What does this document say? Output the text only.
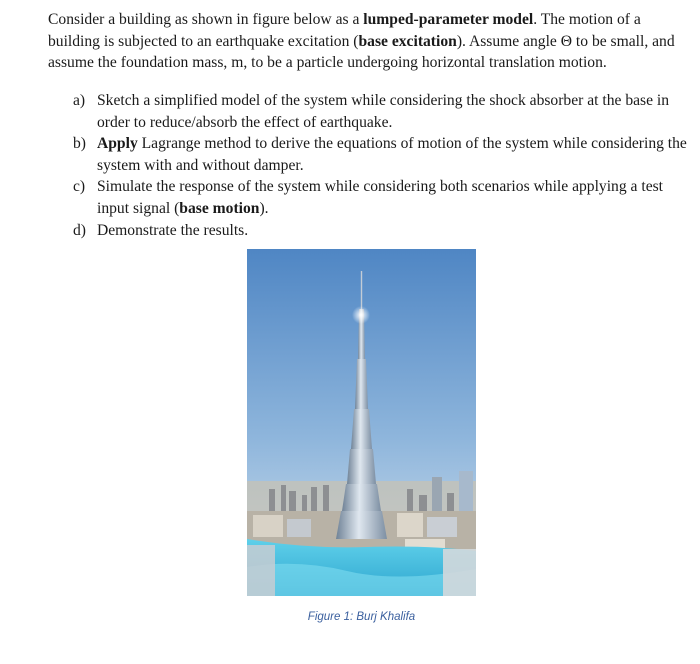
Consider a building as shown in figure below as a lumped-parameter model. The motion of a building is subjected to an earthquake excitation (base excitation). Assume angle Θ to be small, and assume the foundation mass, m, to be a particle undergoing horizontal translation motion.

a) Sketch a simplified model of the system while considering the shock absorber at the base in order to reduce/absorb the effect of earthquake.
b) Apply Lagrange method to derive the equations of motion of the system while considering the system with and without damper.
c) Simulate the response of the system while considering both scenarios while applying a test input signal (base motion).
d) Demonstrate the results.
Figure 1: Burj Khalifa
